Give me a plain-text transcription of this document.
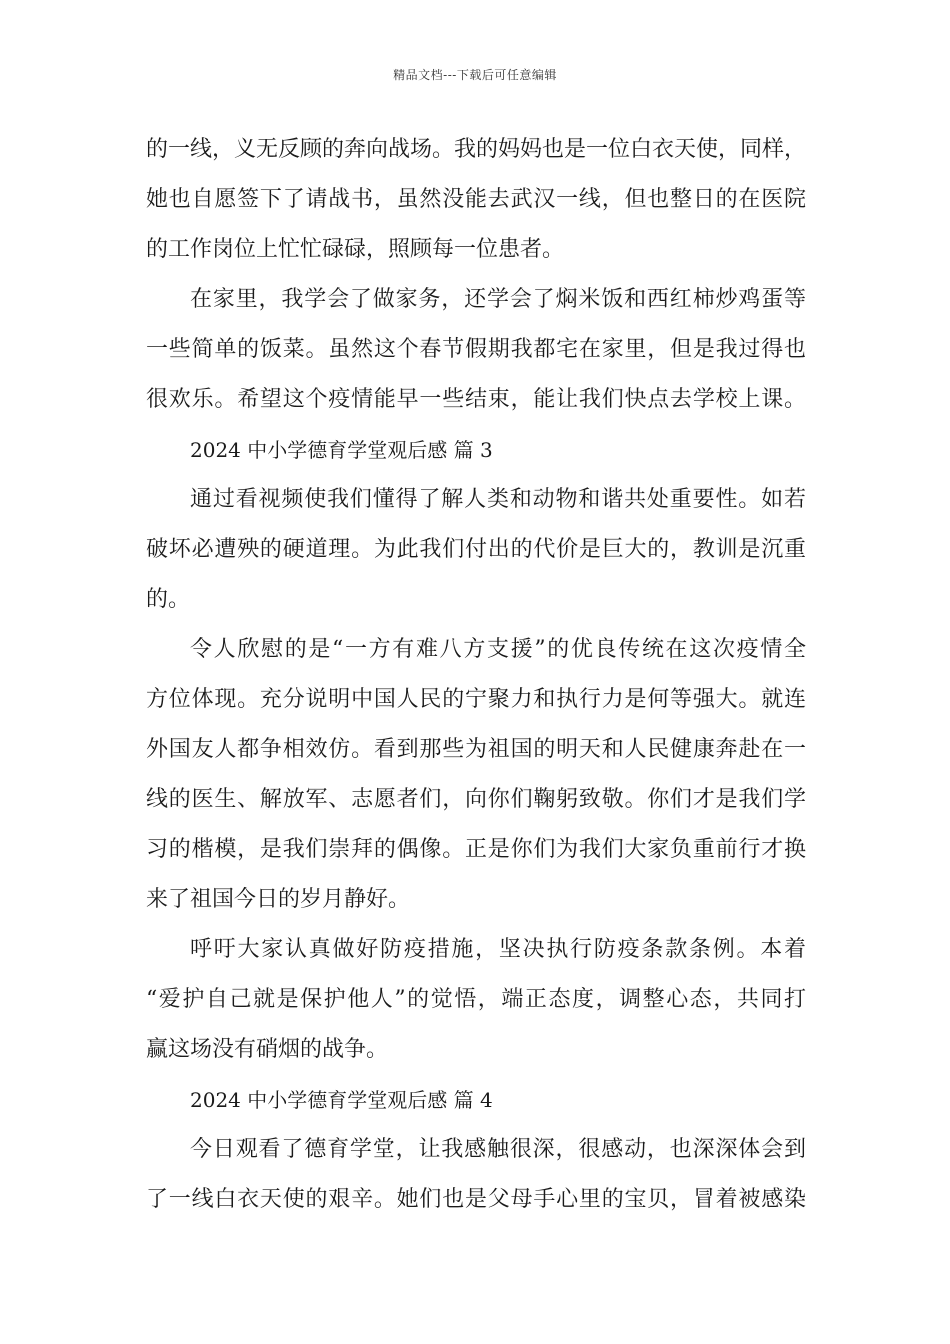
精品文档---下载后可任意编辑
的一线，义无反顾的奔向战场。我的妈妈也是一位白衣天使，同样，
她也自愿签下了请战书，虽然没能去武汉一线，但也整日的在医院
的工作岗位上忙忙碌碌，照顾每一位患者。
在家里，我学会了做家务，还学会了焖米饭和西红柿炒鸡蛋等
一些简单的饭菜。虽然这个春节假期我都宅在家里，但是我过得也
很欢乐。希望这个疫情能早一些结束，能让我们快点去学校上课。
2024 中小学德育学堂观后感 篇 3
通过看视频使我们懂得了解人类和动物和谐共处重要性。如若
破坏必遭殃的硬道理。为此我们付出的代价是巨大的，教训是沉重
的。
令人欣慰的是“一方有难八方支援”的优良传统在这次疫情全
方位体现。充分说明中国人民的宁聚力和执行力是何等强大。就连
外国友人都争相效仿。看到那些为祖国的明天和人民健康奔赴在一
线的医生、解放军、志愿者们，向你们鞠躬致敬。你们才是我们学
习的楷模，是我们崇拜的偶像。正是你们为我们大家负重前行才换
来了祖国今日的岁月静好。
呼吁大家认真做好防疫措施，坚决执行防疫条款条例。本着
“爱护自己就是保护他人”的觉悟，端正态度，调整心态，共同打
赢这场没有硝烟的战争。
2024 中小学德育学堂观后感 篇 4
今日观看了德育学堂，让我感触很深，很感动，也深深体会到
了一线白衣天使的艰辛。她们也是父母手心里的宝贝，冒着被感染
